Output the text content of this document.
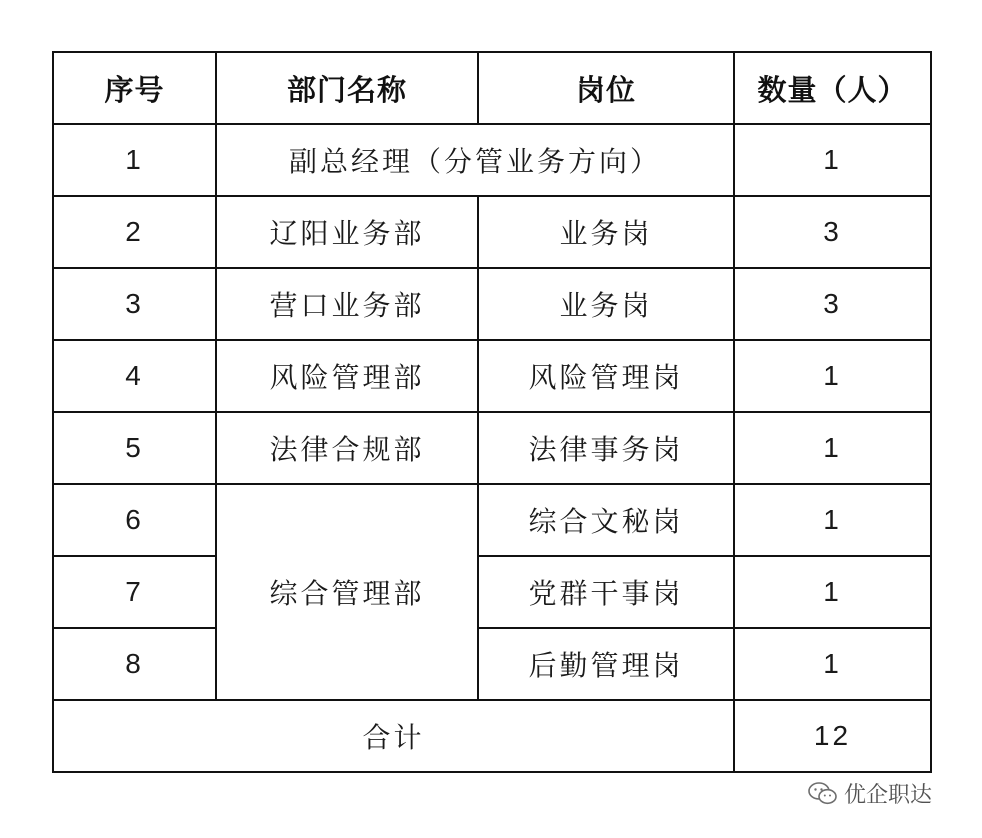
序号	部门名称	岗位	数量（人）
1	副总经理（分管业务方向）		1
2	辽阳业务部	业务岗	3
3	营口业务部	业务岗	3
4	风险管理部	风险管理岗	1
5	法律合规部	法律事务岗	1
6	综合管理部	综合文秘岗	1
7		党群干事岗	1
8		后勤管理岗	1
合计			12
优企职达
